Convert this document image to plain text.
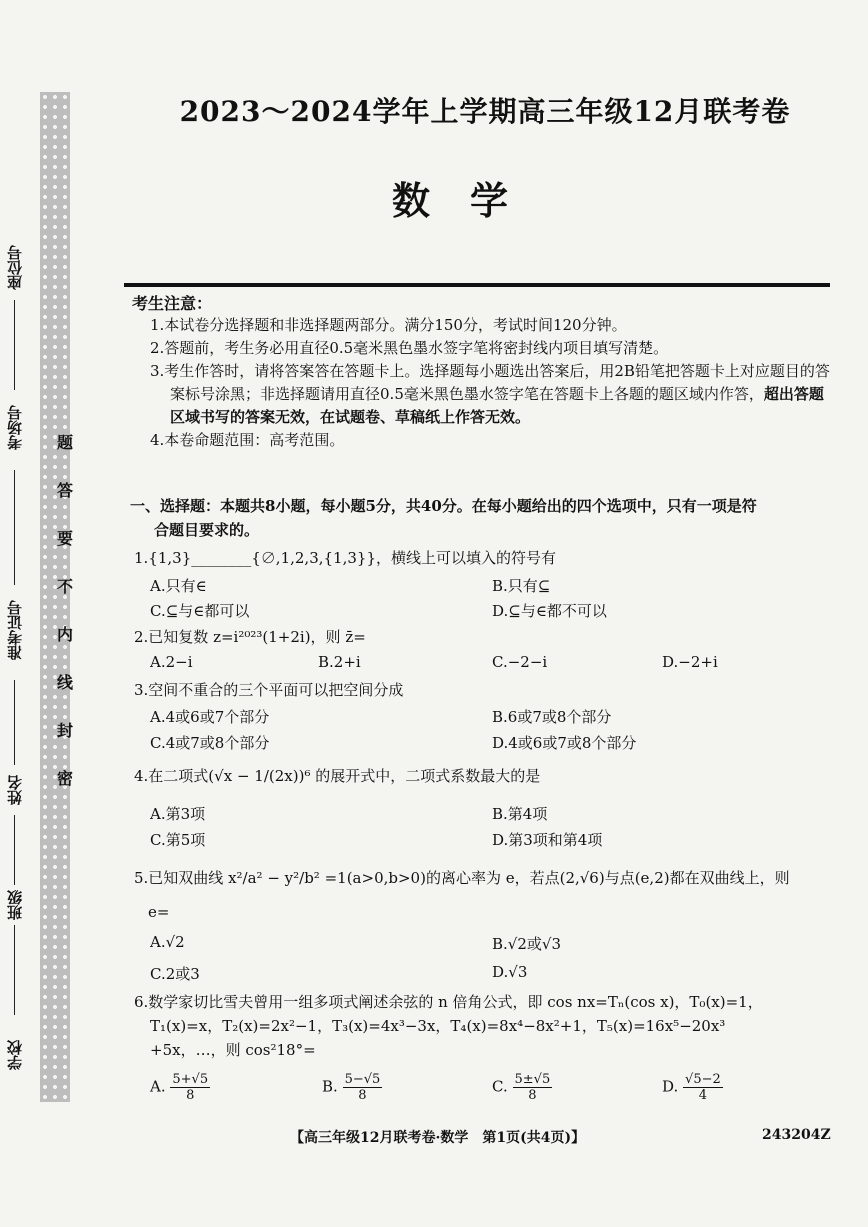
题
答
要
不
内
线
封
密
学校
班级
姓名
准考证号
考场号
座位号
2023～2024学年上学期高三年级12月联考卷
数学
考生注意：

1.本试卷分选择题和非选择题两部分。满分150分，考试时间120分钟。

2.答题前，考生务必用直径0.5毫米黑色墨水签字笔将密封线内项目填写清楚。

3.考生作答时，请将答案答在答题卡上。选择题每小题选出答案后，用2B铅笔把答题卡上对应题目的答案标号涂黑；非选择题请用直径0.5毫米黑色墨水签字笔在答题卡上各题的题区域内作答，超出答题区域书写的答案无效，在试题卷、草稿纸上作答无效。

4.本卷命题范围：高考范围。

一、选择题：本题共8小题，每小题5分，共40分。在每小题给出的四个选项中，只有一项是符
合题目要求的。
1.{1,3}________{∅,1,2,3,{1,3}}，横线上可以填入的符号有
A.只有∈	B.只有⊆
C.⊆与∈都可以	D.⊆与∈都不可以
2.已知复数 z=i²⁰²³(1+2i)，则 z̄=
A.2−i	B.2+i	C.−2−i	D.−2+i
3.空间不重合的三个平面可以把空间分成
A.4或6或7个部分	B.6或7或8个部分
C.4或7或8个部分	D.4或6或7或8个部分
4.在二项式(√x − 1/(2x))⁶ 的展开式中，二项式系数最大的是
A.第3项	B.第4项
C.第5项	D.第3项和第4项
5.已知双曲线 x²/a² − y²/b² =1(a>0,b>0)的离心率为 e，若点(2,√6)与点(e,2)都在双曲线上，则
e=
A.√2	B.√2或√3
C.2或3	D.√3
6.数学家切比雪夫曾用一组多项式阐述余弦的 n 倍角公式，即 cos nx=Tₙ(cos x)，T₀(x)=1，
T₁(x)=x，T₂(x)=2x²−1，T₃(x)=4x³−3x，T₄(x)=8x⁴−8x²+1，T₅(x)=16x⁵−20x³
+5x，…，则 cos²18°=
A. $\frac{5+√5}{8}$	B. $\frac{5-√5}{8}$	C. $\frac{5\pm√5}{8}$	D. $\frac{√5-2}{4}$
【高三年级12月联考卷·数学　第1页(共4页)】	243204Z
